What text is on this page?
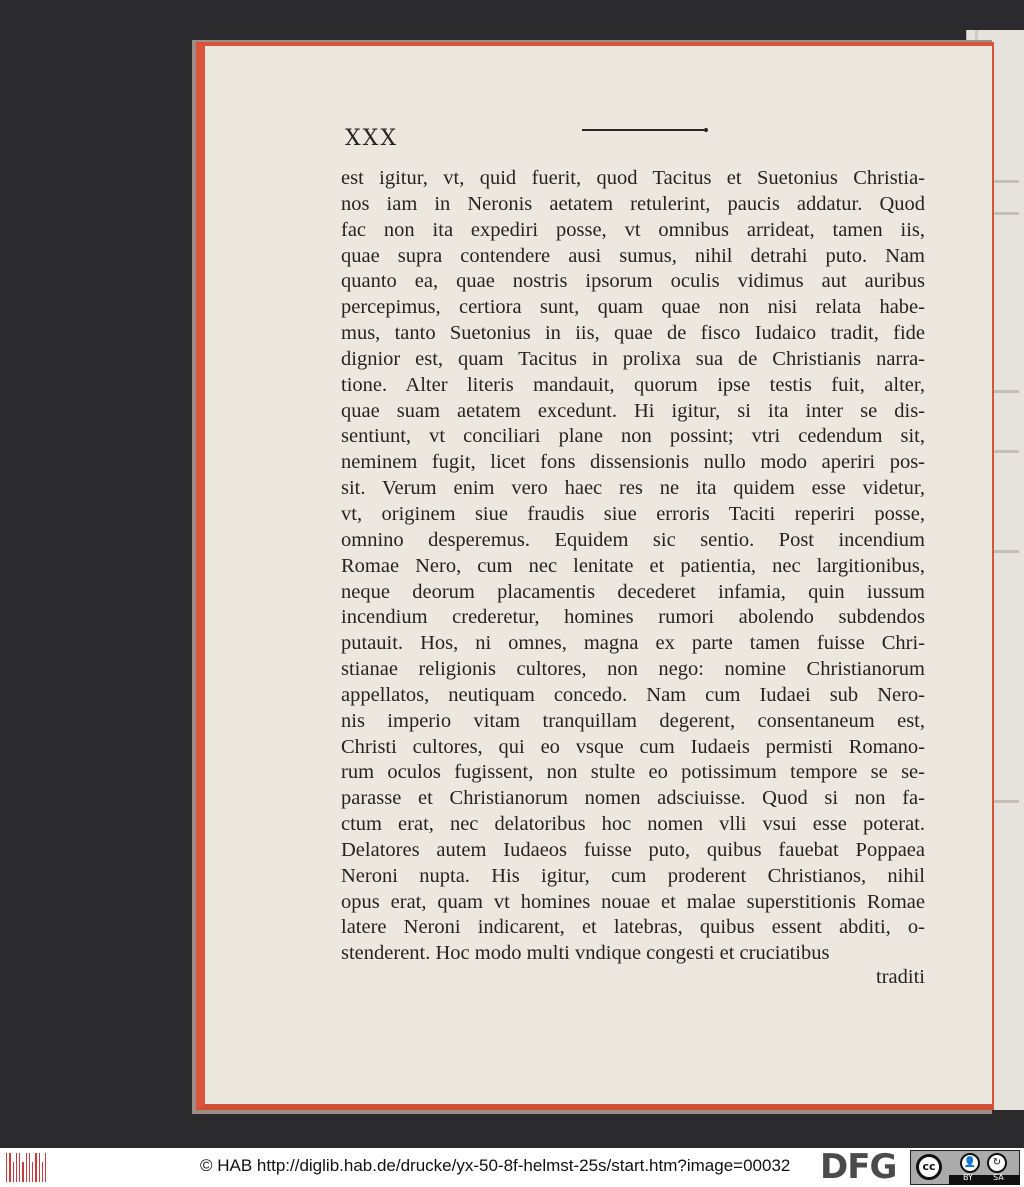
XXX
est igitur, vt, quid fuerit, quod Tacitus et Suetonius Christia-
nos iam in Neronis aetatem retulerint, paucis addatur. Quod
fac non ita expediri posse, vt omnibus arrideat, tamen iis,
quae supra contendere ausi sumus, nihil detrahi puto. Nam
quanto ea, quae nostris ipsorum oculis vidimus aut auribus
percepimus, certiora sunt, quam quae non nisi relata habe-
mus, tanto Suetonius in iis, quae de fisco Iudaico tradit, fide
dignior est, quam Tacitus in prolixa sua de Christianis narra-
tione. Alter literis mandauit, quorum ipse testis fuit, alter,
quae suam aetatem excedunt. Hi igitur, si ita inter se dis-
sentiunt, vt conciliari plane non possint; vtri cedendum sit,
neminem fugit, licet fons dissensionis nullo modo aperiri pos-
sit. Verum enim vero haec res ne ita quidem esse videtur,
vt, originem siue fraudis siue erroris Taciti reperiri posse,
omnino desperemus. Equidem sic sentio. Post incendium
Romae Nero, cum nec lenitate et patientia, nec largitionibus,
neque deorum placamentis decederet infamia, quin iussum
incendium crederetur, homines rumori abolendo subdendos
putauit. Hos, ni omnes, magna ex parte tamen fuisse Chri-
stianae religionis cultores, non nego: nomine Christianorum
appellatos, neutiquam concedo. Nam cum Iudaei sub Nero-
nis imperio vitam tranquillam degerent, consentaneum est,
Christi cultores, qui eo vsque cum Iudaeis permisti Romano-
rum oculos fugissent, non stulte eo potissimum tempore se se-
parasse et Christianorum nomen adsciuisse. Quod si non fa-
ctum erat, nec delatoribus hoc nomen vlli vsui esse poterat.
Delatores autem Iudaeos fuisse puto, quibus fauebat Poppaea
Neroni nupta. His igitur, cum proderent Christianos, nihil
opus erat, quam vt homines nouae et malae superstitionis Romae
latere Neroni indicarent, et latebras, quibus essent abditi, o-
stenderent. Hoc modo multi vndique congesti et cruciatibus
traditi
© HAB http://diglib.hab.de/drucke/yx-50-8f-helmst-25s/start.htm?image=00032 DFG	cc	👤	↻
BY	SA
